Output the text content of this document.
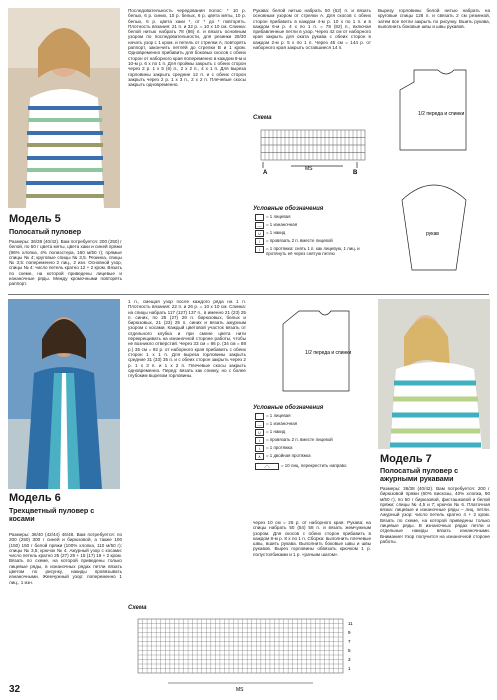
Модель 5
Полосатый пуловер
Размеры: 36/38 (40/42). Вам потребуется: 200 (250) г белой, по 50 г цвета мяты, цвета хаки и синей пряжи (96% хлопка, 4% полиэстера, 160 м/50 г); прямые спицы № 4; круговые спицы № 3,5. Резинка, спицы № 3,5: попеременно 2 лиц., 2 изн. Основной узор, спицы № 4: число петель кратно 12 + 2 кром. Вязать по схеме, на которой приведены лицевые и изнаночные ряды. Между кромочными повторять раппорт.
Последовательность чередования полос: * 10 р. белых, 6 р. синих, 10 р. белых, 6 р. цвета мяты, 10 р. белых, 6 р. цвета хаки *, от * до * повторять. Плотность вязания: 21 п. и 32 р. = 10 х 10 см. Спинка: белой нитью набрать 78 (86) п. и вязать основным узором по последовательности, для резинки 28/30 начать узор с 1 кром. и петель от стрелки А, повторять раппорт, закончить петлёй до стрелки В и 1 кром. Одновременно прибавить для боковых скосов с обеих сторон от наборного края попеременно в каждом 8-м и 10-м р. 6 х по 1 п. Для проймы закрыть с обеих сторон через 2 р. 1 х 5 (6) п., 2 х 2 п., 4 х 1 п. Для выреза горловины закрыть средние 12 п. и с обеих сторон закрыть через 2 р. 1 х 3 п., 2 х 2 п. Плечевые скосы закрыть одновременно.
Рукава: белой нитью набрать 50 (62) п. и вязать основным узором от стрелки A. Для скосов с обеих сторон прибавить в каждом 4-м р. 10 х по 1 п. и в каждом 6-м р. 4 х по 1 п. = 78 (82) п., включая прибавленные петли в узор. Через 42 см от наборного края закрыть для оката рукава с обеих сторон в каждом 2-м р. 5 х по 1 п. Через 45 см = 144 р. от наборного края закрыть оставшиеся 14 п.
Схема
A
MS
B
Условные обозначения
= 1 лицевая
—	= 1 изнаночная
∪	= 1 накид
/	= провязать 2 п. вместе лицевой
\	= 1 протяжка: снять 1 п. как лицевую, 1 лиц. и протянуть её через снятую петлю
Вырезу горловины белой нитью набрать на круговые спицы 128 п. и связать 2 см резинкой, затем все петли закрыть по рисунку. Вшить рукава, выполнить боковые швы и швы рукавов.
1/2 переда и спинки
рукав
Модель 6
Трехцветный пуловер с косами
Размеры: 38/40 (42/44) 46/48. Вам потребуется: по 200 (250) 300 г синей и бирюзовой, а также 100 (150) 150 г белой пряжи (100% хлопка, 110 м/50 г); спицы № 3,5; крючок № 4. Ажурный узор с косами: число петель кратно 25 (27) 29 + 15 (17) 19 + 2 кром. Вязать по схеме, на которой приведены только лицевые ряды, в изнаночных рядах петли вязать цветом по рисунку, накиды провязывать изнаночными. Жемчужный узор: попеременно 1 лиц., 1 изн.
1 п., смещая узор после каждого ряда на 1 п. Плотность вязания: 22 п. и 26 р. = 10 х 10 см. Спинка: на спицы набрать 117 (127) 137 п., в именно 21 (23) 25 п. синих, по 25 (27) 29 п. бирюзовых, белых и бирюзовых, 21 (23) 25 п. синих и вязать ажурным узором с косами. Каждый цветовой участок вязать от отдельного клубка и при смене цвета нити перекрещивать на изнаночной стороне работы, чтобы не возникло отверстий. Через 33 см = 86 р. (34 см = 88 р.) 35 см = 92 р. от наборного края прибавить с обеих сторон 1 х 1 п. Для выреза горловины закрыть средние 31 (33) 35 п. и с обеих сторон закрыть через 2 р. 1 х 3 п. и 1 х 2 п. Плечевые скосы закрыть одновременно. Перед: вязать как спинку, но с более глубоким вырезом горловины.
1/2 переда и спинки
Условные обозначения
= 1 лицевая
—	= 1 изнаночная
∪	= 1 накид
/	= провязать 2 п. вместе лицевой
\	= 1 протяжка
∧	= 1 двойная протяжка
⟋⟍	= 10 лиц. перекрестить направо
через 10 см = 26 р. от наборного края. Рукава: на спицы набрать 50 (54) 58 п. и вязать жемчужным узором. Для скосов с обеих сторон прибавить в каждом 8-м р. 8 х по 1 п. Сборка: выполнить плечевые швы, вшить рукава. Выполнить боковые швы и швы рукавов. Вырез горловины обвязать крючком 1 р. полустолбиками и 1 р. «рачьим шагом».
Схема
11
9
7
5
3
1
MS
Модель 7
Полосатый пуловер с ажурными рукавами
Размеры: 36/38 (40/42). Вам потребуется: 200 г бирюзовой пряжи (60% вискозы, 40% хлопка, 90 м/50 г), по 50 г бирюзовой, фисташковой и белой пряжи; спицы № 4,5 и 7; крючок № 6. Платочная вязка: лицевые и изнаночные ряды – лиц. петли. Ажурный узор: число петель кратно 4 + 2 кром. Вязать по схеме, на которой приведены только лицевые ряды. В изнаночных рядах петли и отдельные накиды вязать изнаночными. Внимание! Узор получится на изнаночной стороне работы.
32
